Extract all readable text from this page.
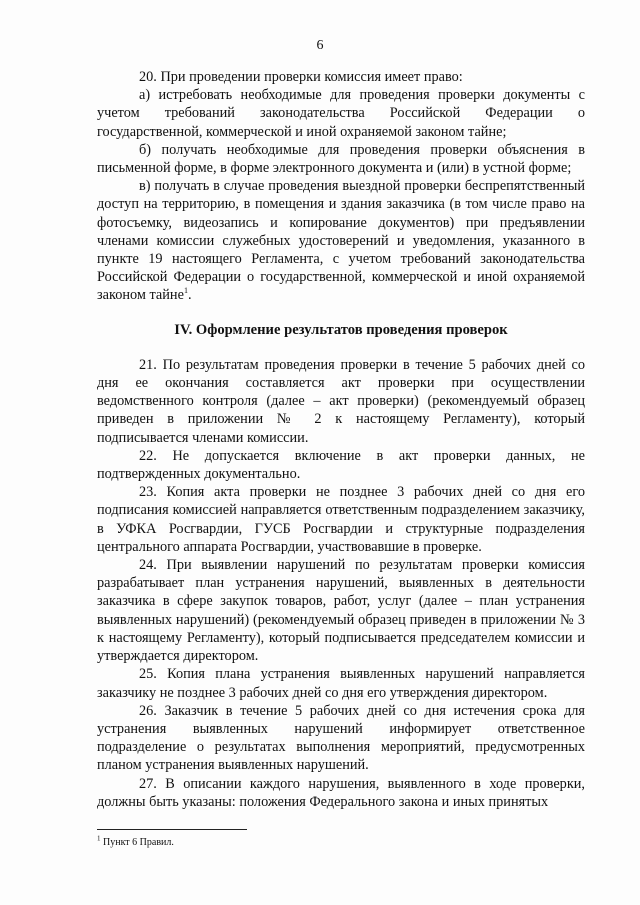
6

20. При проведении проверки комиссия имеет право:

а) истребовать необходимые для проведения проверки документы с учетом требований законодательства Российской Федерации о государственной, коммерческой и иной охраняемой законом тайне;

б) получать необходимые для проведения проверки объяснения в письменной форме, в форме электронного документа и (или) в устной форме;

в) получать в случае проведения выездной проверки беспрепятственный доступ на территорию, в помещения и здания заказчика (в том числе право на фотосъемку, видеозапись и копирование документов) при предъявлении членами комиссии служебных удостоверений и уведомления, указанного в пункте 19 настоящего Регламента, с учетом требований законодательства Российской Федерации о государственной, коммерческой и иной охраняемой законом тайне$^1$.

IV. Оформление результатов проведения проверок

21. По результатам проведения проверки в течение 5 рабочих дней со дня ее окончания составляется акт проверки при осуществлении ведомственного контроля (далее – акт проверки) (рекомендуемый образец приведен в приложении № 2 к настоящему Регламенту), который подписывается членами комиссии.

22. Не допускается включение в акт проверки данных, не подтвержденных документально.

23. Копия акта проверки не позднее 3 рабочих дней со дня его подписания комиссией направляется ответственным подразделением заказчику, в УФКА Росгвардии, ГУСБ Росгвардии и структурные подразделения центрального аппарата Росгвардии, участвовавшие в проверке.

24. При выявлении нарушений по результатам проверки комиссия разрабатывает план устранения нарушений, выявленных в деятельности заказчика в сфере закупок товаров, работ, услуг (далее – план устранения выявленных нарушений) (рекомендуемый образец приведен в приложении № 3 к настоящему Регламенту), который подписывается председателем комиссии и утверждается директором.

25. Копия плана устранения выявленных нарушений направляется заказчику не позднее 3 рабочих дней со дня его утверждения директором.

26. Заказчик в течение 5 рабочих дней со дня истечения срока для устранения выявленных нарушений информирует ответственное подразделение о результатах выполнения мероприятий, предусмотренных планом устранения выявленных нарушений.

27. В описании каждого нарушения, выявленного в ходе проверки, должны быть указаны: положения Федерального закона и иных принятых

$^1$ Пункт 6 Правил.
